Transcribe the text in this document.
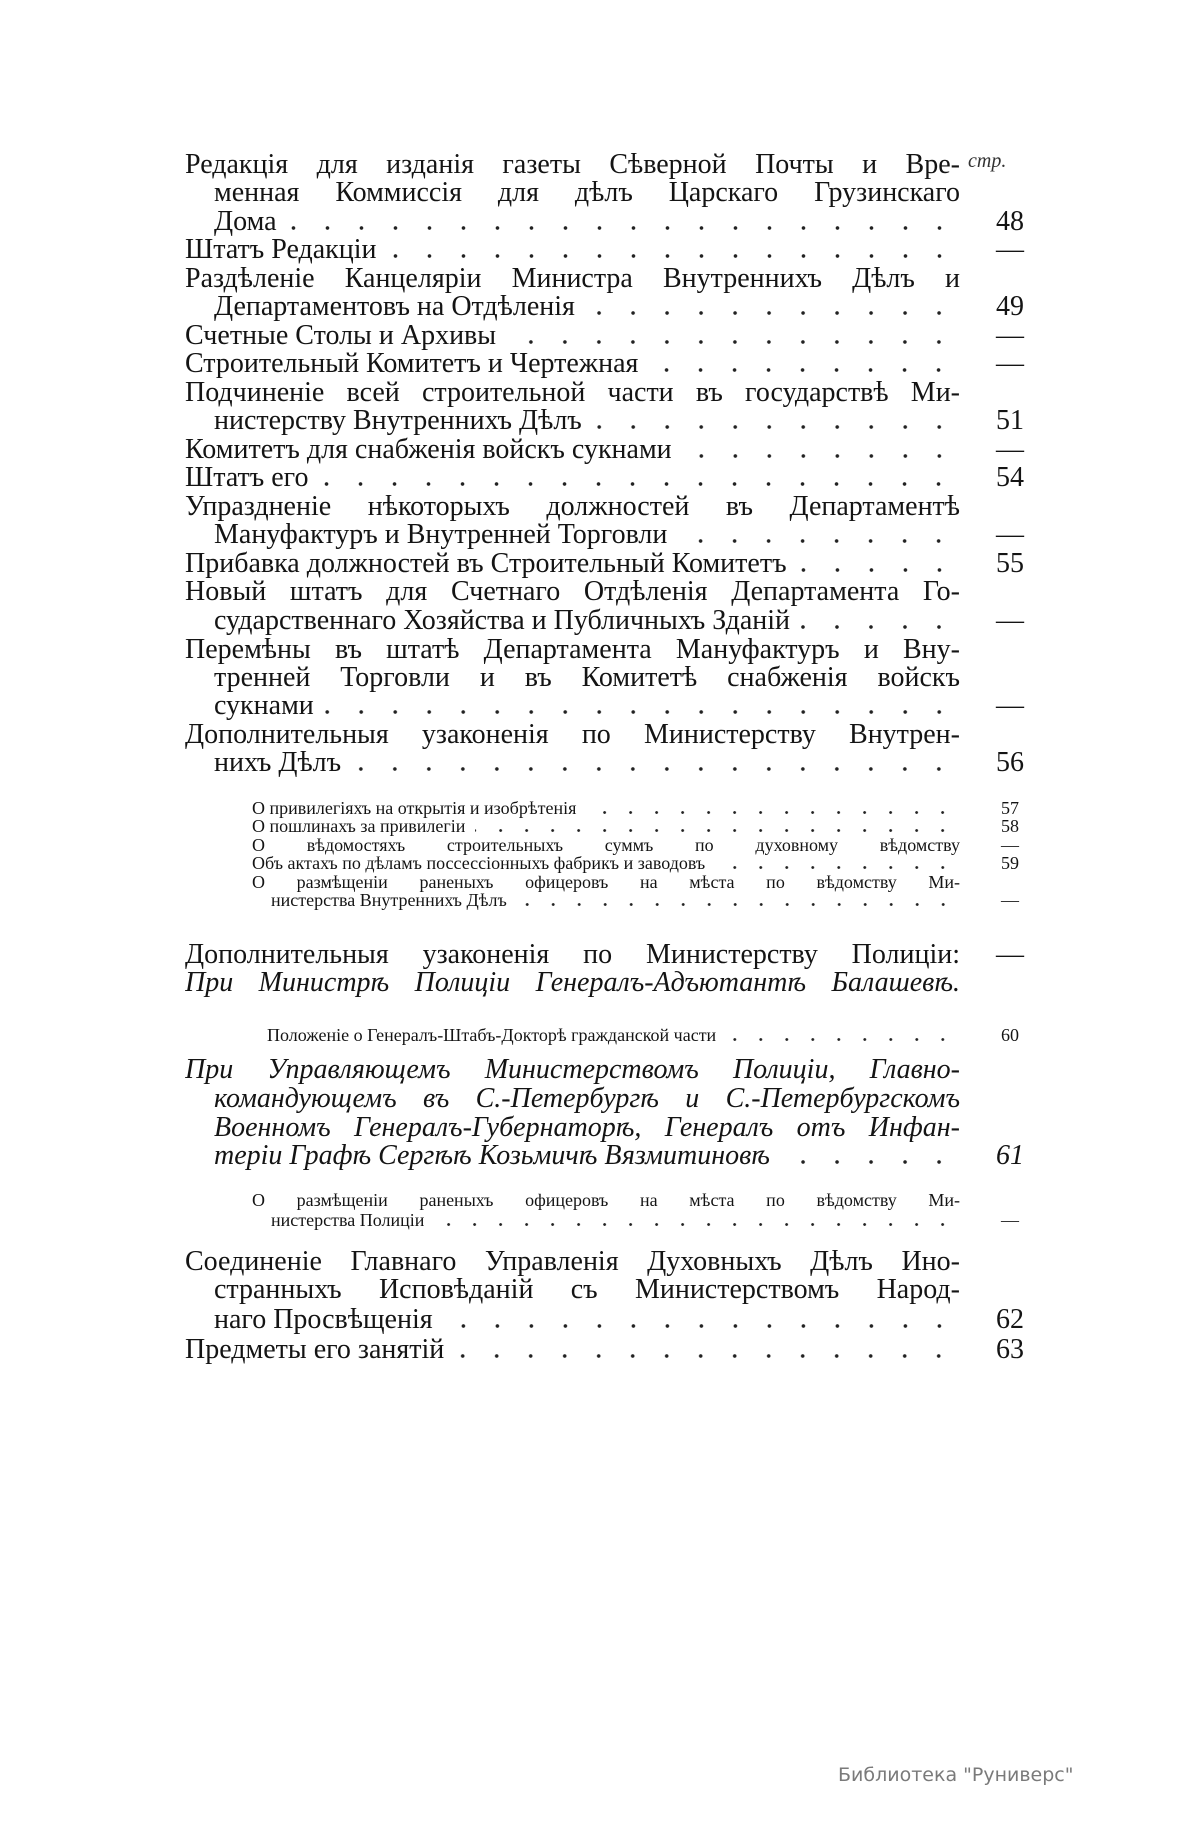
стр.
Редакція для изданія газеты Сѣверной Почты и Вре-
менная Коммиссія для дѣлъ Царскаго Грузинскаго
Дома	48
Штатъ Редакціи	—
Раздѣленіе Канцеляріи Министра Внутреннихъ Дѣлъ и
Департаментовъ на Отдѣленія	49
Счетные Столы и Архивы	—
Строительный Комитетъ и Чертежная	—
Подчиненіе всей строительной части въ государствѣ Ми-
нистерству Внутреннихъ Дѣлъ	51
Комитетъ для снабженія войскъ сукнами	—
Штатъ его	54
Упраздненіе нѣкоторыхъ должностей въ Департаментѣ
Мануфактуръ и Внутренней Торговли	—
Прибавка должностей въ Строительный Комитетъ	55
Новый штатъ для Счетнаго Отдѣленія Департамента Го-
сударственнаго Хозяйства и Публичныхъ Зданій	—
Перемѣны въ штатѣ Департамента Мануфактуръ и Вну-
тренней Торговли и въ Комитетѣ снабженія войскъ
сукнами	—
Дополнительныя узаконенія по Министерству Внутрен-
нихъ Дѣлъ	56
О привилегіяхъ на открытія и изобрѣтенія	57
О пошлинахъ за привилегіи	58
О вѣдомостяхъ строительныхъ суммъ по духовному вѣдомству	—
Объ актахъ по дѣламъ поссессіонныхъ фабрикъ и заводовъ	59
О размѣщеніи раненыхъ офицеровъ на мѣста по вѣдомству Ми-
нистерства Внутреннихъ Дѣлъ	—
Дополнительныя узаконенія по Министерству Полиціи:	—
При Министрѣ Полиціи Генералъ-Адъютантѣ Балашевѣ.
Положеніе о Генералъ-Штабъ-Докторѣ гражданской части	60
При Управляющемъ Министерствомъ Полиціи, Главно-
командующемъ въ С.-Петербургѣ и С.-Петербургскомъ
Военномъ Генералъ-Губернаторѣ, Генералъ отъ Инфан-
теріи Графѣ Сергѣѣ Козьмичѣ Вязмитиновѣ	61
О размѣщеніи раненыхъ офицеровъ на мѣста по вѣдомству Ми-
нистерства Полиціи	—
Соединеніе Главнаго Управленія Духовныхъ Дѣлъ Ино-
странныхъ Исповѣданій съ Министерствомъ Народ-
наго Просвѣщенія	62
Предметы его занятій	63
Библиотека "Руниверс"
